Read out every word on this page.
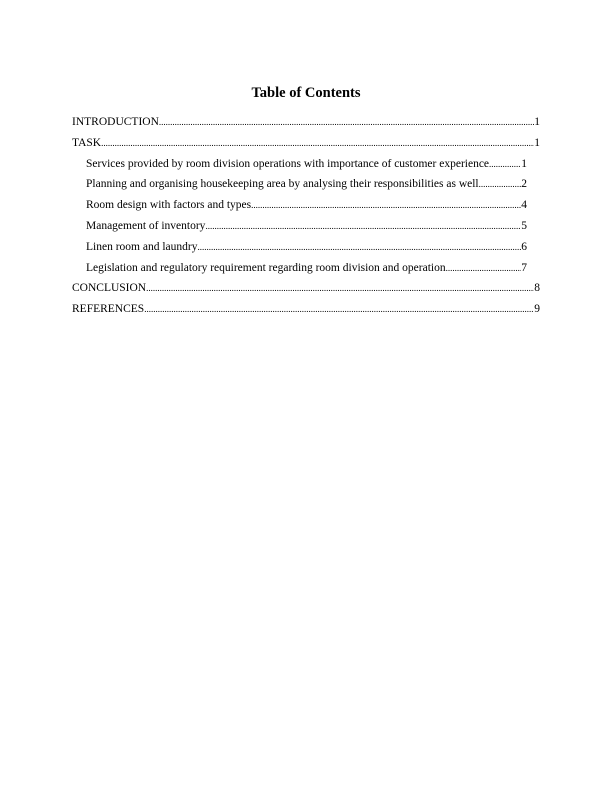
Table of Contents
INTRODUCTION .....	1
TASK .....	1
Services provided by room division operations with importance of customer experience .....	1
Planning and organising housekeeping area by analysing their responsibilities as well .....	2
Room design with factors and types .....	4
Management of inventory .....	5
Linen room and laundry .....	6
Legislation and regulatory requirement regarding room division and operation .....	7
CONCLUSION .....	8
REFERENCES .....	9
